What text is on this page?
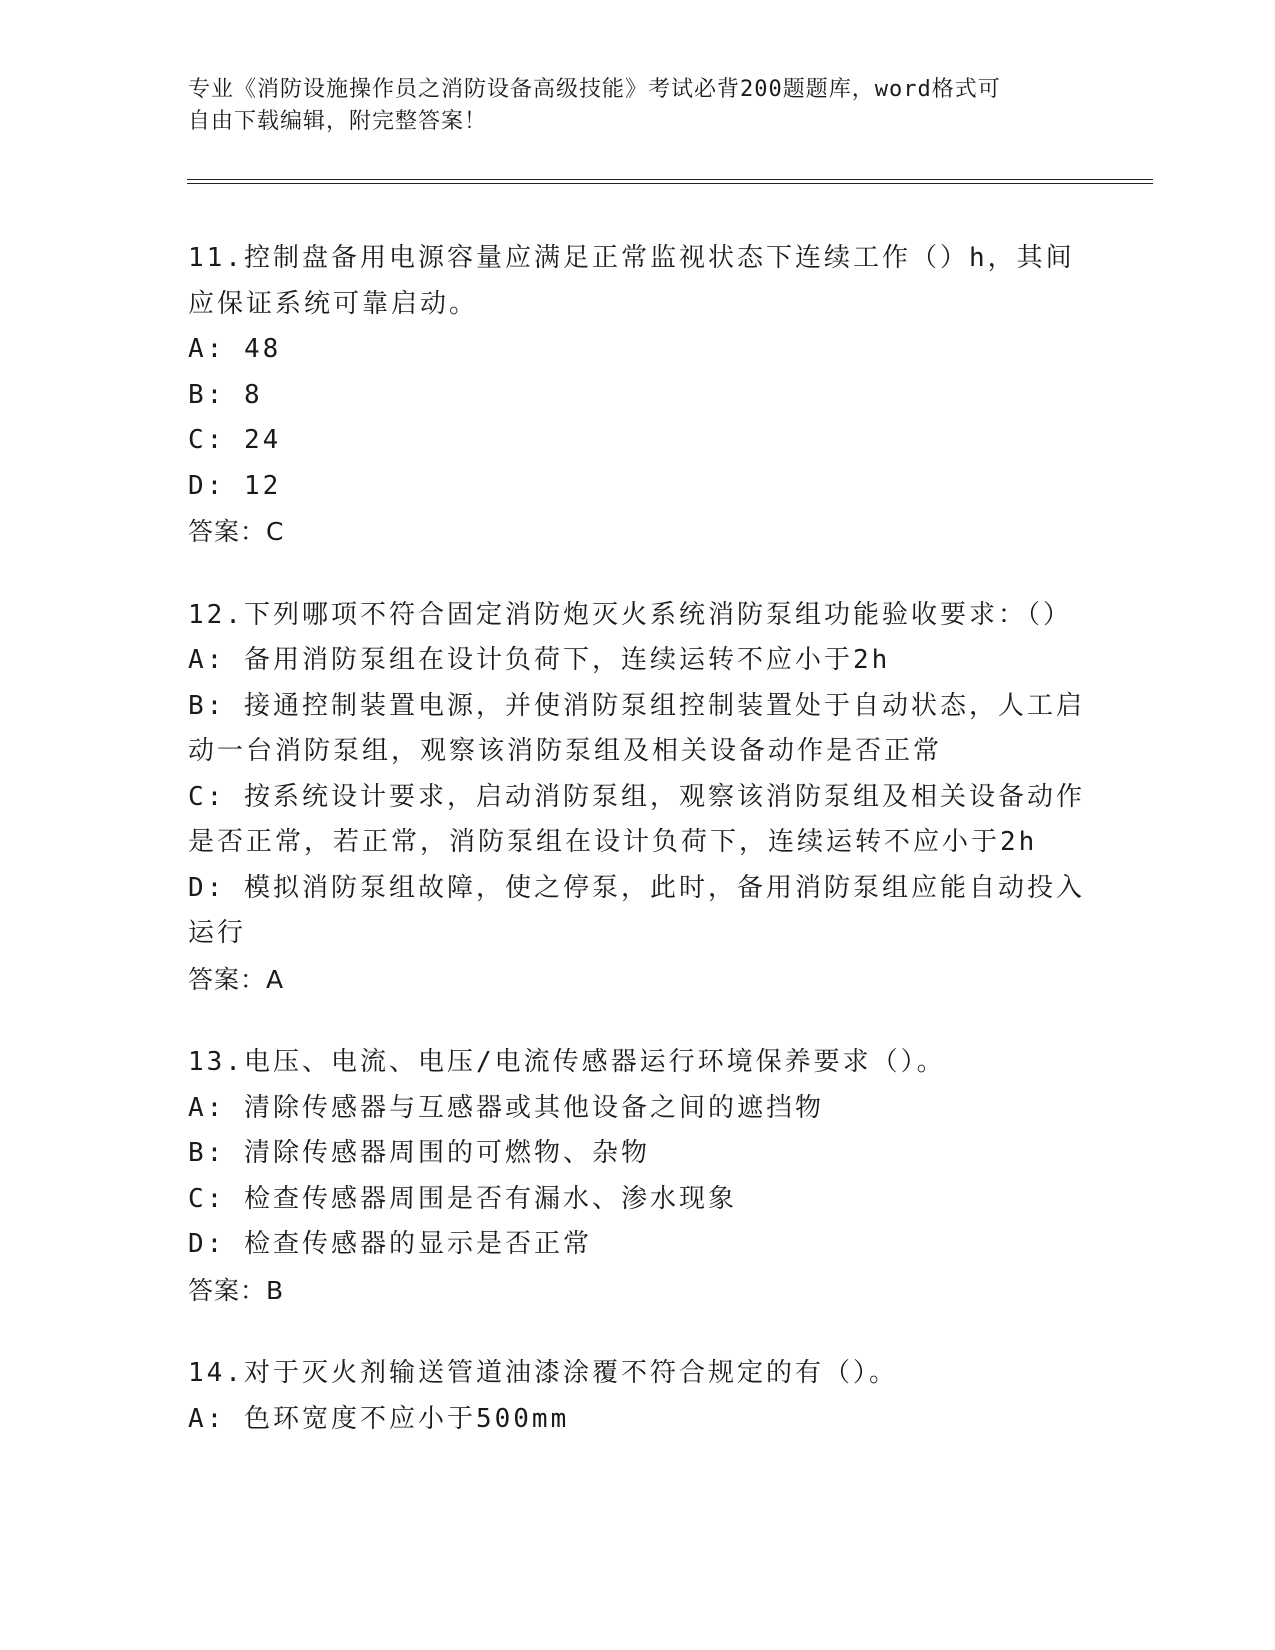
专业《消防设施操作员之消防设备高级技能》考试必背200题题库，word格式可
自由下载编辑，附完整答案！
11.控制盘备用电源容量应满足正常监视状态下连续工作（）h，其间
应保证系统可靠启动。
A: 48
B: 8
C: 24
D: 12
答案：C
12.下列哪项不符合固定消防炮灭火系统消防泵组功能验收要求：（）
A: 备用消防泵组在设计负荷下，连续运转不应小于2h
B: 接通控制装置电源，并使消防泵组控制装置处于自动状态，人工启
动一台消防泵组，观察该消防泵组及相关设备动作是否正常
C: 按系统设计要求，启动消防泵组，观察该消防泵组及相关设备动作
是否正常，若正常，消防泵组在设计负荷下，连续运转不应小于2h
D: 模拟消防泵组故障，使之停泵，此时，备用消防泵组应能自动投入
运行
答案：A
13.电压、电流、电压/电流传感器运行环境保养要求（）。
A: 清除传感器与互感器或其他设备之间的遮挡物
B: 清除传感器周围的可燃物、杂物
C: 检查传感器周围是否有漏水、渗水现象
D: 检查传感器的显示是否正常
答案：B
14.对于灭火剂输送管道油漆涂覆不符合规定的有（）。
A: 色环宽度不应小于500mm
